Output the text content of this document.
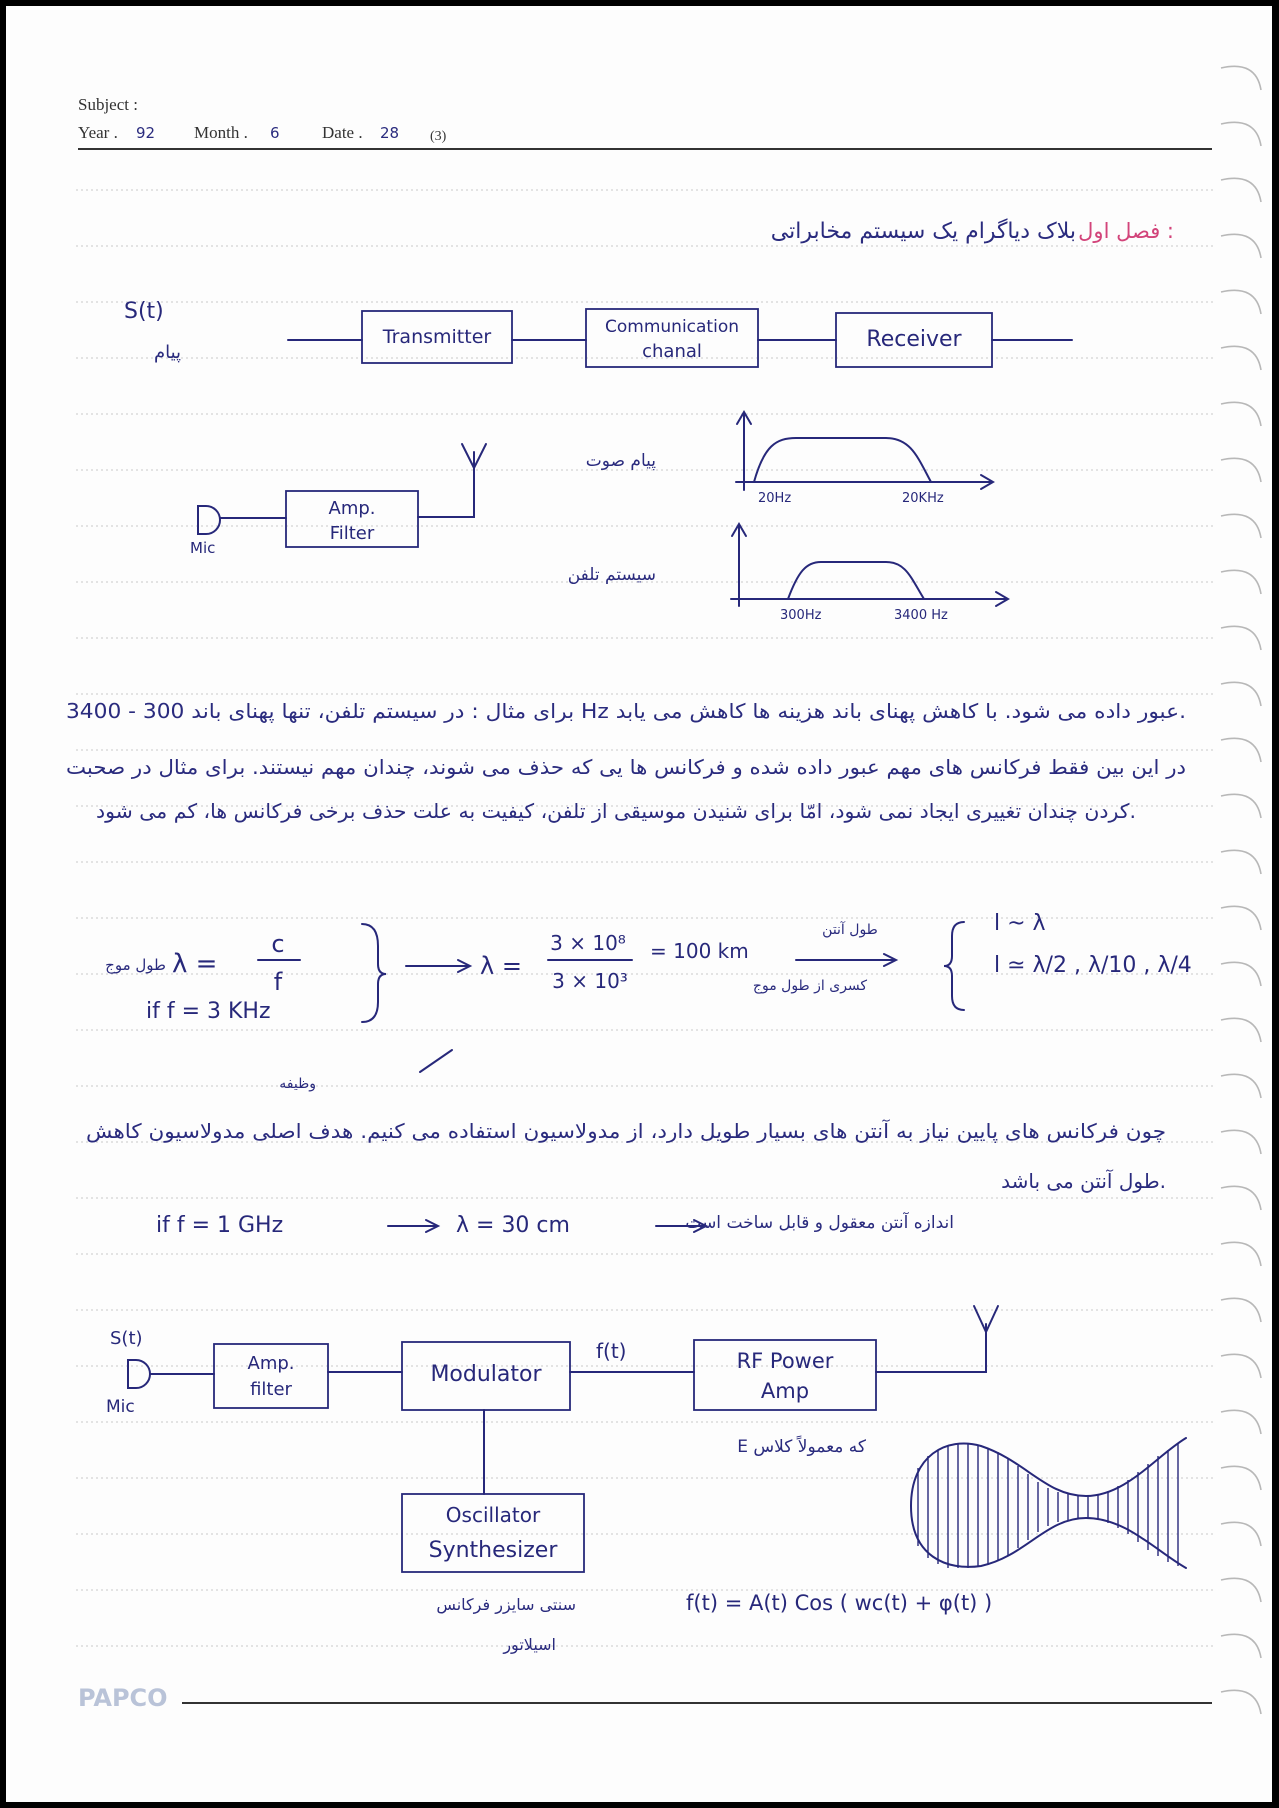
Subject :
Year . 92 Month . 6 Date . 28 (3)
فصل اول :
بلاک دیاگرام یک سیستم مخابراتی
S(t)
پیام
Transmitter	Communication
chanal	Receiver
Mic
Amp.
Filter
پیام صوت
20Hz	20KHz
سیستم تلفن
300Hz	3400 Hz
برای مثال : در سیستم تلفن، تنها پهنای باند 300 - 3400 Hz عبور داده می شود. با کاهش پهنای باند هزینه ها کاهش می یابد.
در این بین فقط فرکانس های مهم عبور داده شده و فرکانس ها یی که حذف می شوند، چندان مهم نیستند. برای مثال در صحبت
کردن چندان تغییری ایجاد نمی شود، امّا برای شنیدن موسیقی از تلفن، کیفیت به علت حذف برخی فرکانس ها، کم می شود.
طول موج λ =
c
f
if f = 3 KHz
λ =
3 × 10⁸
3 × 10³
= 100 km
طول آنتن
کسری از طول موج
l ~ λ
l ≃ λ/2 , λ/10 , λ/4
وظیفه
چون فرکانس های پایین نیاز به آنتن های بسیار طویل دارد، از مدولاسیون استفاده می کنیم. هدف اصلی مدولاسیون کاهش
طول آنتن می باشد.
if f = 1 GHz	λ = 30 cm	اندازه آنتن معقول و قابل ساخت است
S(t)
Mic
Amp.
filter
Modulator
f(t)	RF Power
Amp
E که معمولاً کلاس
Oscillator
Synthesizer
سنتی سایزر فرکانس
اسیلاتور
f(t) = A(t) Cos ( wc(t) + φ(t) )
PAPCO
